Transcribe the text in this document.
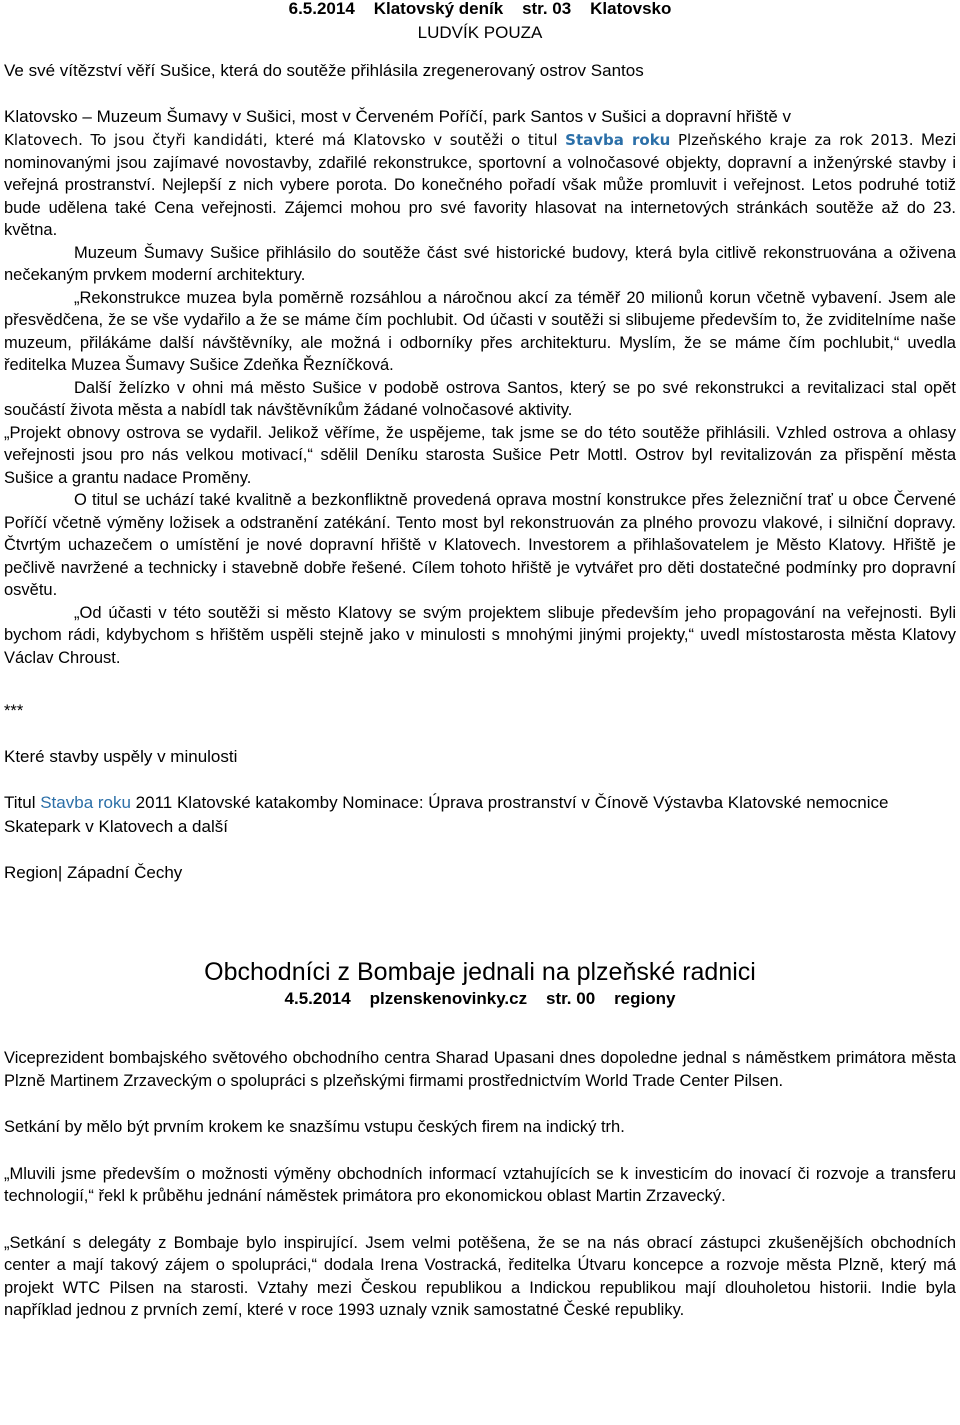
6.5.2014 Klatovský deník str. 03 Klatovsko
LUDVÍK POUZA

Ve své vítězství věří Sušice, která do soutěže přihlásila zregenerovaný ostrov Santos

Klatovsko – Muzeum Šumavy v Sušici, most v Červeném Poříčí, park Santos v Sušici a dopravní hřiště v

Klatovech. To jsou čtyři kandidáti, které má Klatovsko v soutěži o titul Stavba roku Plzeňského kraje za rok 2013. Mezi nominovanými jsou zajímavé novostavby, zdařilé rekonstrukce, sportovní a volnočasové objekty, dopravní a inženýrské stavby i veřejná prostranství. Nejlepší z nich vybere porota. Do konečného pořadí však může promluvit i veřejnost. Letos podruhé totiž bude udělena také Cena veřejnosti. Zájemci mohou pro své favority hlasovat na internetových stránkách soutěže až do 23. května.

Muzeum Šumavy Sušice přihlásilo do soutěže část své historické budovy, která byla citlivě rekonstruována a oživena nečekaným prvkem moderní architektury.

„Rekonstrukce muzea byla poměrně rozsáhlou a náročnou akcí za téměř 20 milionů korun včetně vybavení. Jsem ale přesvědčena, že se vše vydařilo a že se máme čím pochlubit. Od účasti v soutěži si slibujeme především to, že zviditelníme naše muzeum, přilákáme další návštěvníky, ale možná i odborníky přes architekturu. Myslím, že se máme čím pochlubit,“ uvedla ředitelka Muzea Šumavy Sušice Zdeňka Řezníčková.

Další želízko v ohni má město Sušice v podobě ostrova Santos, který se po své rekonstrukci a revitalizaci stal opět součástí života města a nabídl tak návštěvníkům žádané volnočasové aktivity.

„Projekt obnovy ostrova se vydařil. Jelikož věříme, že uspějeme, tak jsme se do této soutěže přihlásili. Vzhled ostrova a ohlasy veřejnosti jsou pro nás velkou motivací,“ sdělil Deníku starosta Sušice Petr Mottl. Ostrov byl revitalizován za přispění města Sušice a grantu nadace Proměny.

O titul se uchází také kvalitně a bezkonfliktně provedená oprava mostní konstrukce přes železniční trať u obce Červené Poříčí včetně výměny ložisek a odstranění zatékání. Tento most byl rekonstruován za plného provozu vlakové, i silniční dopravy. Čtvrtým uchazečem o umístění je nové dopravní hřiště v Klatovech. Investorem a přihlašovatelem je Město Klatovy. Hřiště je pečlivě navržené a technicky i stavebně dobře řešené. Cílem tohoto hřiště je vytvářet pro děti dostatečné podmínky pro dopravní osvětu.

„Od účasti v této soutěži si město Klatovy se svým projektem slibuje především jeho propagování na veřejnosti. Byli bychom rádi, kdybychom s hřištěm uspěli stejně jako v minulosti s mnohými jinými projekty,“ uvedl místostarosta města Klatovy Václav Chroust.

***

Které stavby uspěly v minulosti

Titul Stavba roku 2011 Klatovské katakomby Nominace: Úprava prostranství v Čínově Výstavba Klatovské nemocnice Skatepark v Klatovech a další

Region| Západní Čechy

Obchodníci z Bombaje jednali na plzeňské radnici
4.5.2014 plzenskenovinky.cz str. 00 regiony

Viceprezident bombajského světového obchodního centra Sharad Upasani dnes dopoledne jednal s náměstkem primátora města Plzně Martinem Zrzaveckým o spolupráci s plzeňskými firmami prostřednictvím World Trade Center Pilsen.

Setkání by mělo být prvním krokem ke snazšímu vstupu českých firem na indický trh.

„Mluvili jsme především o možnosti výměny obchodních informací vztahujících se k investicím do inovací či rozvoje a transferu technologií,“ řekl k průběhu jednání náměstek primátora pro ekonomickou oblast Martin Zrzavecký.

„Setkání s delegáty z Bombaje bylo inspirující. Jsem velmi potěšena, že se na nás obrací zástupci zkušenějších obchodních center a mají takový zájem o spolupráci,“ dodala Irena Vostracká, ředitelka Útvaru koncepce a rozvoje města Plzně, který má projekt WTC Pilsen na starosti. Vztahy mezi Českou republikou a Indickou republikou mají dlouholetou historii. Indie byla například jednou z prvních zemí, které v roce 1993 uznaly vznik samostatné České republiky.
